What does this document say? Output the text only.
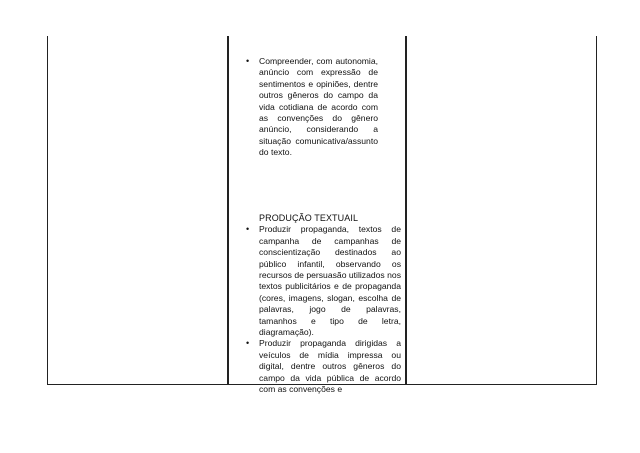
• Compreender, com autonomia, anúncio com expressão de sentimentos e opiniões, dentre outros gêneros do campo da vida cotidiana de acordo com as convenções do gênero anúncio, considerando a situação comunicativa/assunto do texto.

PRODUÇÃO TEXTUAIL

• Produzir propaganda, textos de campanha de campanhas de conscientização destinados ao público infantil, observando os recursos de persuasão utilizados nos textos publicitários e de propaganda (cores, imagens, slogan, escolha de palavras, jogo de palavras, tamanhos e tipo de letra, diagramação).
• Produzir propaganda dirigidas a veículos de mídia impressa ou digital, dentre outros gêneros do campo da vida pública de acordo com as convenções e
